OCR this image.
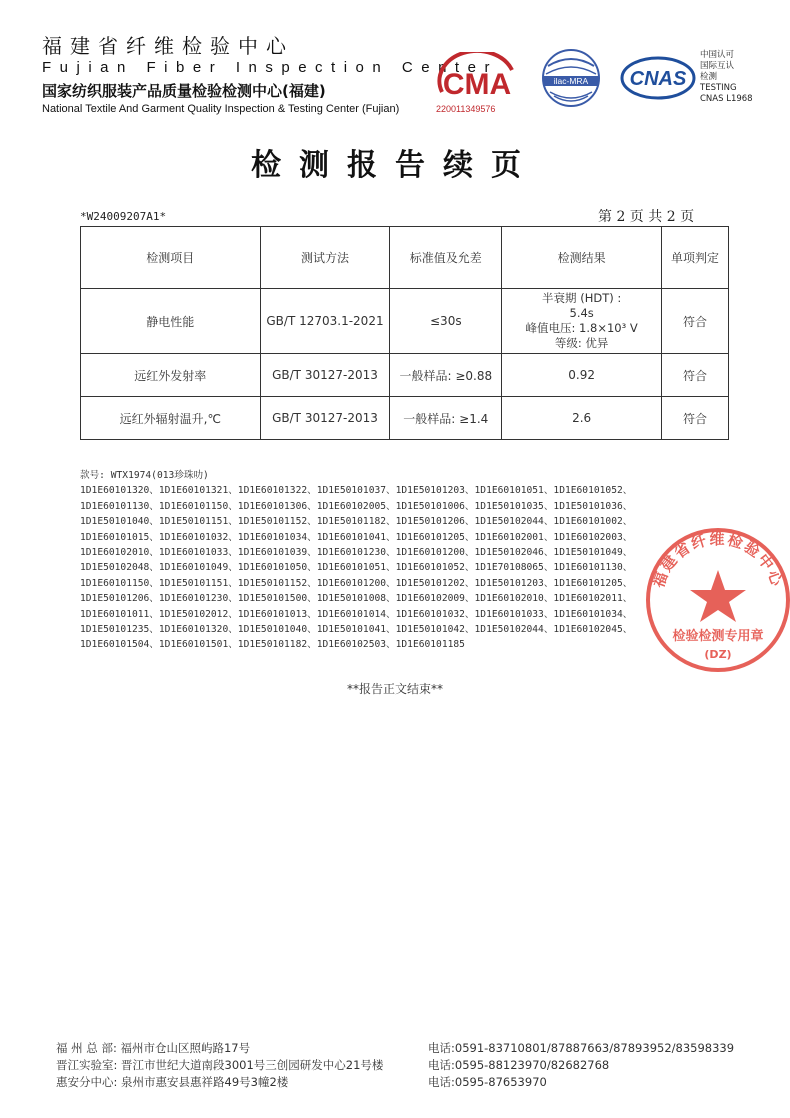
福建省纤维检验中心
Fujian Fiber Inspection Center
国家纺织服装产品质量检验检测中心(福建)
National Textile And Garment Quality Inspection & Testing Center (Fujian)
CMA
220011349576
ilac-MRA CNAS
中国认可
国际互认
检测
TESTING
CNAS L1968
检测报告续页
*W24009207A1*	第 2 页 共 2 页
检测项目	测试方法	标准值及允差	检测结果	单项判定
静电性能	GB/T 12703.1-2021	≤30s	半衰期 (HDT) :
5.4s
峰值电压: 1.8×10³ V
等级: 优异	符合
远红外发射率	GB/T 30127-2013	一般样品: ≥0.88	0.92	符合
远红外辐射温升,℃	GB/T 30127-2013	一般样品: ≥1.4	2.6	符合
款号: WTX1974(013珍珠叻)
1D1E60101320、1D1E60101321、1D1E60101322、1D1E50101037、1D1E50101203、1D1E60101051、1D1E60101052、
1D1E60101130、1D1E60101150、1D1E60101306、1D1E60102005、1D1E50101006、1D1E50101035、1D1E50101036、
1D1E50101040、1D1E50101151、1D1E50101152、1D1E50101182、1D1E50101206、1D1E50102044、1D1E60101002、
1D1E60101015、1D1E60101032、1D1E60101034、1D1E60101041、1D1E60101205、1D1E60102001、1D1E60102003、
1D1E60102010、1D1E60101033、1D1E60101039、1D1E60101230、1D1E60101200、1D1E50102046、1D1E50101049、
1D1E50102048、1D1E60101049、1D1E60101050、1D1E60101051、1D1E60101052、1D1E70108065、1D1E60101130、
1D1E60101150、1D1E50101151、1D1E50101152、1D1E60101200、1D1E50101202、1D1E50101203、1D1E60101205、
1D1E50101206、1D1E60101230、1D1E50101500、1D1E50101008、1D1E60102009、1D1E60102010、1D1E60102011、
1D1E60101011、1D1E50102012、1D1E60101013、1D1E60101014、1D1E60101032、1D1E60101033、1D1E60101034、
1D1E50101235、1D1E60101320、1D1E50101040、1D1E50101041、1D1E50101042、1D1E50102044、1D1E60102045、
1D1E60101504、1D1E60101501、1D1E50101182、1D1E60102503、1D1E60101185
**报告正文结束**
福建省纤维检验中心
检验检测专用章
(DZ)
福 州 总 部: 福州市仓山区照屿路17号	电话:0591-83710801/87887663/87893952/83598339
晋江实验室: 晋江市世纪大道南段3001号三创园研发中心21号楼	电话:0595-88123970/82682768
惠安分中心: 泉州市惠安县惠祥路49号3幢2楼	电话:0595-87653970
